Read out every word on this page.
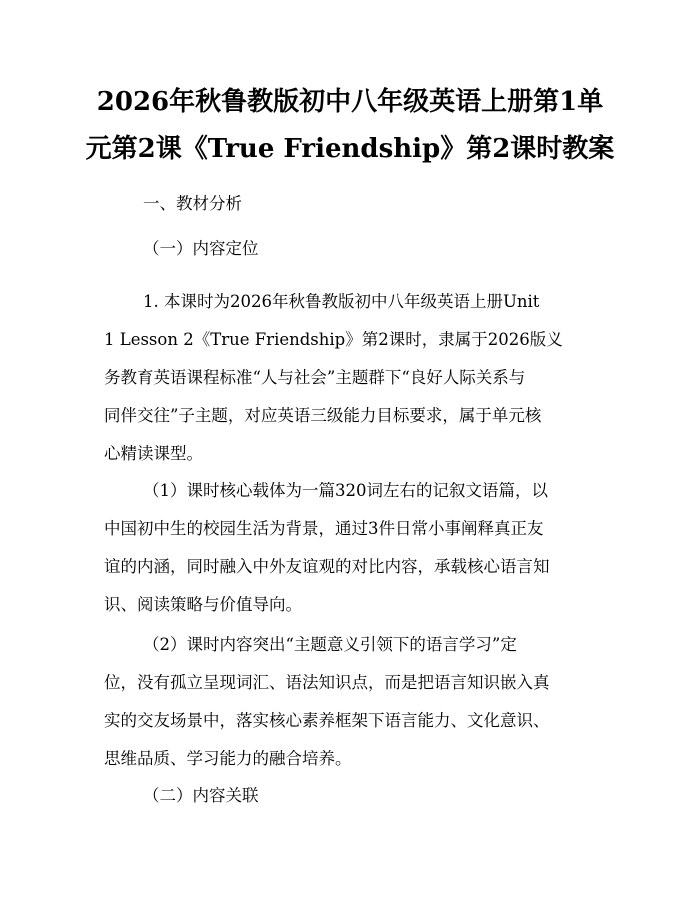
2026年秋鲁教版初中八年级英语上册第1单
元第2课《True Friendship》第2课时教案
一、教材分析
（一）内容定位
1. 本课时为2026年秋鲁教版初中八年级英语上册Unit
1 Lesson 2《True Friendship》第2课时，隶属于2026版义
务教育英语课程标准“人与社会”主题群下“良好人际关系与
同伴交往”子主题，对应英语三级能力目标要求，属于单元核
心精读课型。
（1）课时核心载体为一篇320词左右的记叙文语篇，以
中国初中生的校园生活为背景，通过3件日常小事阐释真正友
谊的内涵，同时融入中外友谊观的对比内容，承载核心语言知
识、阅读策略与价值导向。
（2）课时内容突出“主题意义引领下的语言学习”定
位，没有孤立呈现词汇、语法知识点，而是把语言知识嵌入真
实的交友场景中，落实核心素养框架下语言能力、文化意识、
思维品质、学习能力的融合培养。
（二）内容关联
